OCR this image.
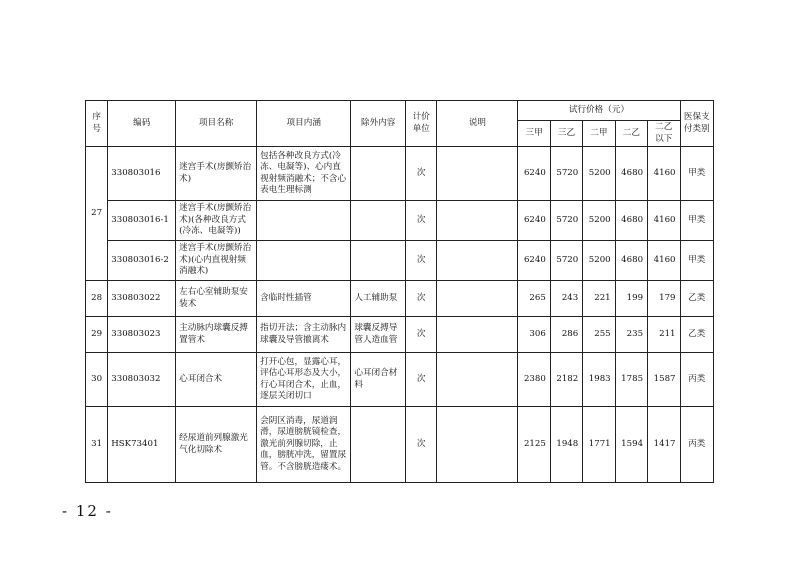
序号	编码	项目名称	项目内涵	除外内容	计价单位	说明	试行价格（元）					医保支付类别
							三甲	三乙	二甲	二乙	二乙以下	
27	330803016	迷宫手术(房颤矫治术)	包括各种改良方式(冷冻、电凝等)、心内直视射频消融术；不含心表电生理标测		次		6240	5720	5200	4680	4160	甲类
	330803016-1	迷宫手术(房颤矫治术)(各种改良方式(冷冻、电凝等))			次		6240	5720	5200	4680	4160	甲类
	330803016-2	迷宫手术(房颤矫治术)(心内直视射频消融术)			次		6240	5720	5200	4680	4160	甲类
28	330803022	左右心室辅助泵安装术	含临时性插管	人工辅助泵	次		265	243	221	199	179	乙类
29	330803023	主动脉内球囊反搏置管术	指切开法；含主动脉内球囊及导管撤离术	球囊反搏导管人造血管	次		306	286	255	235	211	乙类
30	330803032	心耳闭合术	打开心包，显露心耳，评估心耳形态及大小，行心耳闭合术，止血，逐层关闭切口	心耳闭合材料	次		2380	2182	1983	1785	1587	丙类
31	HSK73401	经尿道前列腺激光气化切除术	会阴区消毒，尿道润滑，尿道膀胱镜检查，激光前列腺切除，止血，膀胱冲洗，留置尿管。不含膀胱造瘘术。		次		2125	1948	1771	1594	1417	丙类
- 12 -
